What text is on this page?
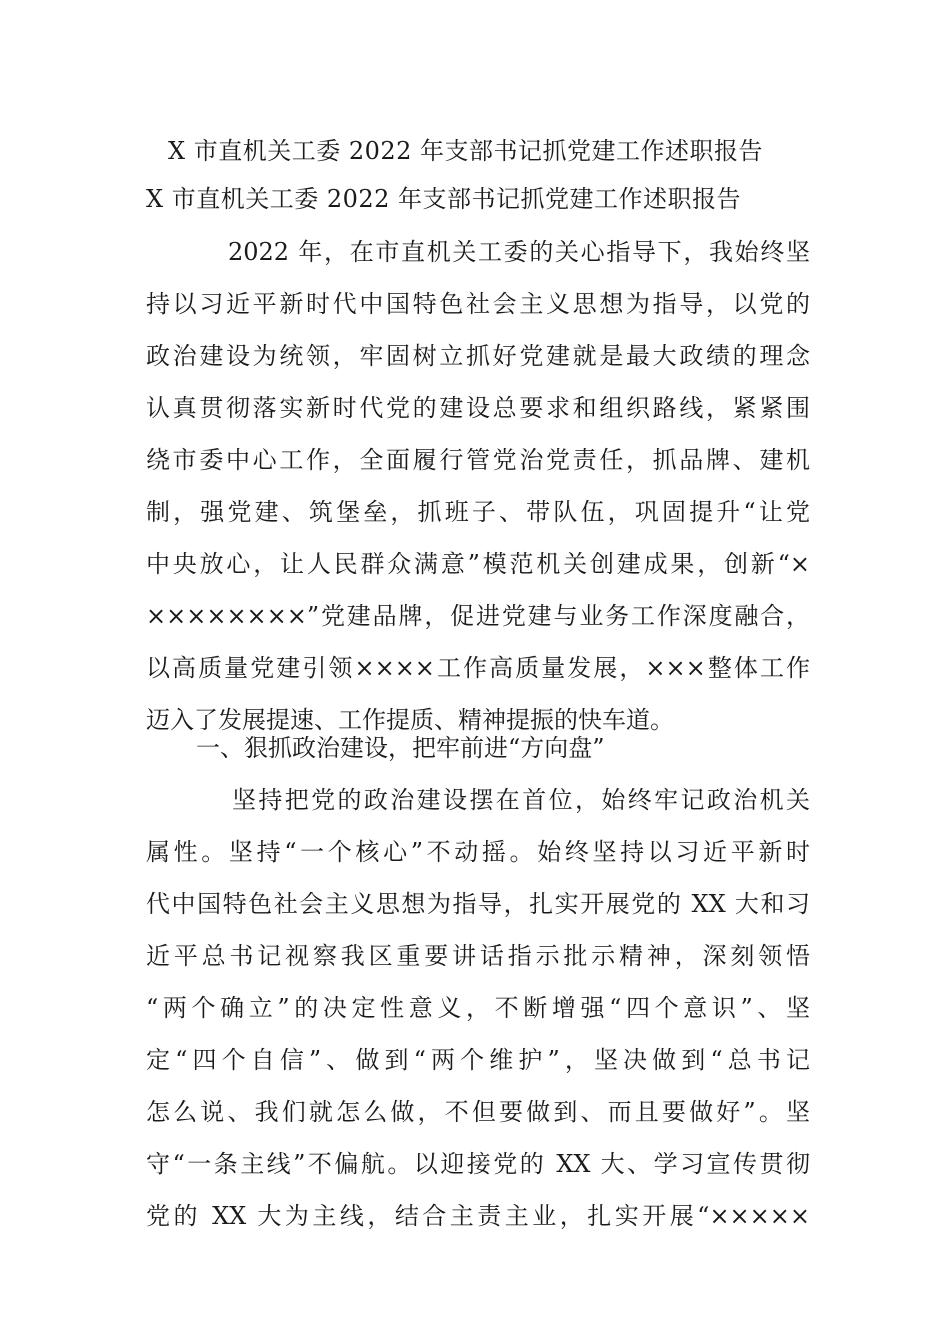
X 市直机关工委 2022 年支部书记抓党建工作述职报告
X 市直机关工委 2022 年支部书记抓党建工作述职报告
2022 年，在市直机关工委的关心指导下，我始终坚
持以习近平新时代中国特色社会主义思想为指导，以党的
政治建设为统领，牢固树立抓好党建就是最大政绩的理念
认真贯彻落实新时代党的建设总要求和组织路线，紧紧围
绕市委中心工作，全面履行管党治党责任，抓品牌、建机
制，强党建、筑堡垒，抓班子、带队伍，巩固提升“让党
中央放心，让人民群众满意”模范机关创建成果，创新“×
××××××××”党建品牌，促进党建与业务工作深度融合，
以高质量党建引领××××工作高质量发展，×××整体工作
迈入了发展提速、工作提质、精神提振的快车道。
一、狠抓政治建设，把牢前进“方向盘”
坚持把党的政治建设摆在首位，始终牢记政治机关
属性。坚持“一个核心”不动摇。始终坚持以习近平新时
代中国特色社会主义思想为指导，扎实开展党的 XX 大和习
近平总书记视察我区重要讲话指示批示精神，深刻领悟
“两个确立”的决定性意义，不断增强“四个意识”、坚
定“四个自信”、做到“两个维护”，坚决做到“总书记
怎么说、我们就怎么做，不但要做到、而且要做好”。坚
守“一条主线”不偏航。以迎接党的 XX 大、学习宣传贯彻
党的 XX 大为主线，结合主责主业，扎实开展“×××××
